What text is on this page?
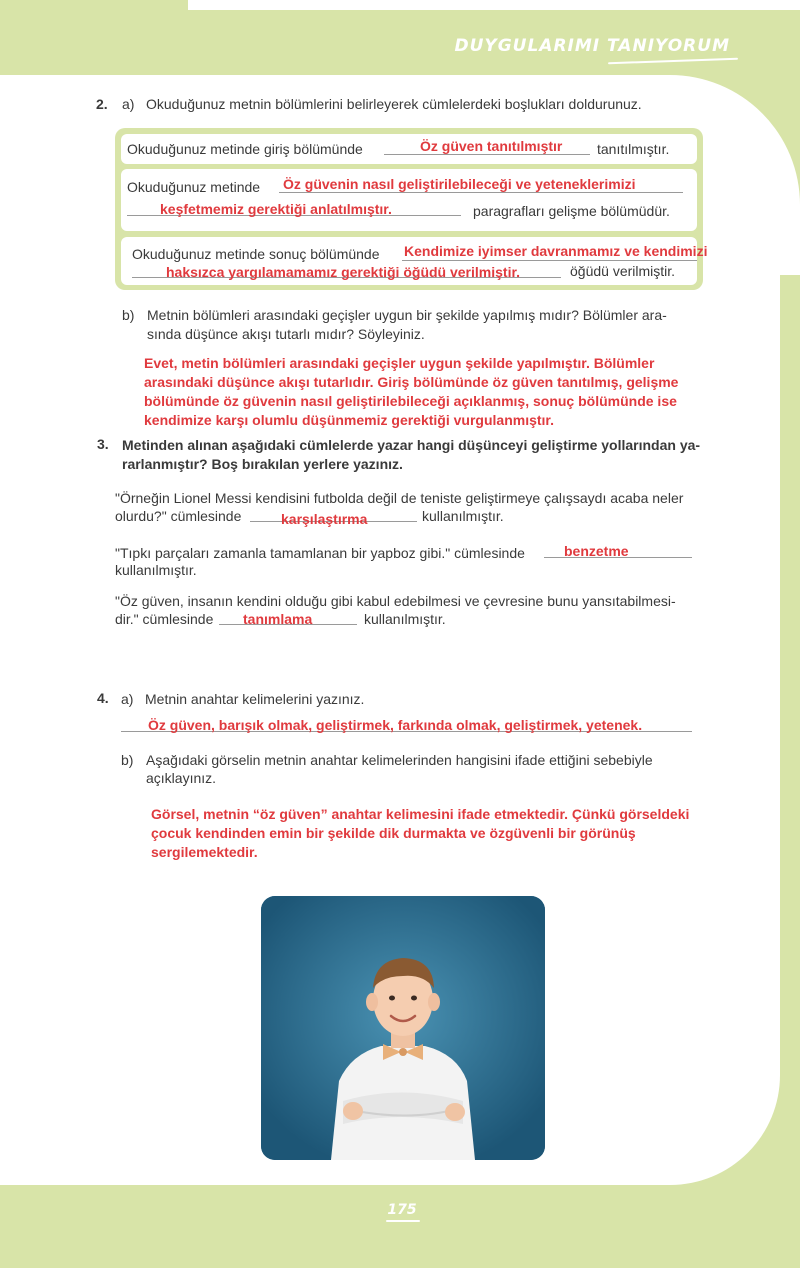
DUYGULARIMI TANIYORUM
2. a) Okuduğunuz metnin bölümlerini belirleyerek cümlelerdeki boşlukları doldurunuz.
Okuduğunuz metinde giriş bölümünde	Öz güven tanıtılmıştır tanıtılmıştır.
Okuduğunuz metinde Öz güvenin nasıl geliştirilebileceği ve yeteneklerimizi
keşfetmemiz gerektiği anlatılmıştır.	paragrafları gelişme bölümüdür.
Okuduğunuz metinde sonuç bölümünde Kendimize iyimser davranmamız ve kendimizi
haksızca yargılamamamız gerektiği öğüdü verilmiştir.	öğüdü verilmiştir.
b) Metnin bölümleri arasındaki geçişler uygun bir şekilde yapılmış mıdır? Bölümler ara-
sında düşünce akışı tutarlı mıdır? Söyleyiniz.
Evet, metin bölümleri arasındaki geçişler uygun şekilde yapılmıştır. Bölümler
arasındaki düşünce akışı tutarlıdır. Giriş bölümünde öz güven tanıtılmış, gelişme
bölümünde öz güvenin nasıl geliştirilebileceği açıklanmış, sonuç bölümünde ise
kendimize karşı olumlu düşünmemiz gerektiği vurgulanmıştır.
3. Metinden alınan aşağıdaki cümlelerde yazar hangi düşünceyi geliştirme yollarından ya-
rarlanmıştır? Boş bırakılan yerlere yazınız.
"Örneğin Lionel Messi kendisini futbolda değil de teniste geliştirmeye çalışsaydı acaba neler
olurdu?" cümlesinde	karşılaştırma	kullanılmıştır.
"Tıpkı parçaları zamanla tamamlanan bir yapboz gibi." cümlesinde	benzetme
kullanılmıştır.
"Öz güven, insanın kendini olduğu gibi kabul edebilmesi ve çevresine bunu yansıtabilmesi-
dir." cümlesinde tanımlama	kullanılmıştır.
4. a) Metnin anahtar kelimelerini yazınız.
Öz güven, barışık olmak, geliştirmek, farkında olmak, geliştirmek, yetenek.
b) Aşağıdaki görselin metnin anahtar kelimelerinden hangisini ifade ettiğini sebebiyle
açıklayınız.
Görsel, metnin “öz güven” anahtar kelimesini ifade etmektedir. Çünkü görseldeki
çocuk kendinden emin bir şekilde dik durmakta ve özgüvenli bir görünüş
sergilemektedir.
175
